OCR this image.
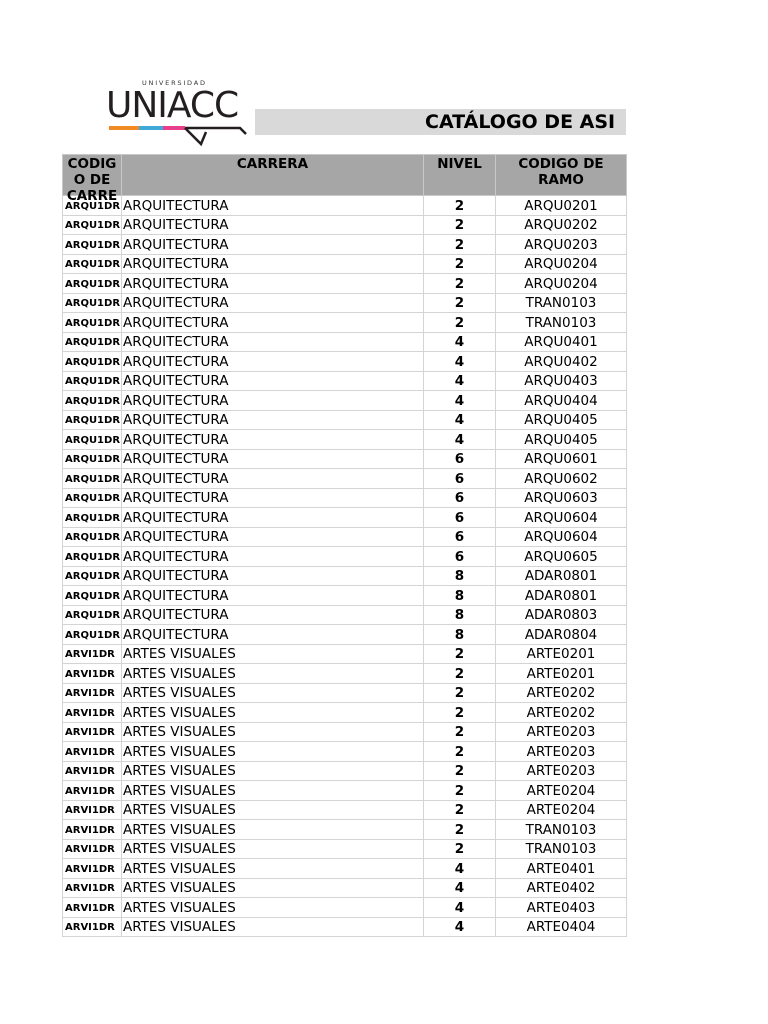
UNIVERSIDAD
UNIACC	CATÁLOGO DE ASI
CODIG O DE CARRE	CARRERA	NIVEL	CODIGO DE RAMO

ARQU1DR	ARQUITECTURA	2	ARQU0201
ARQU1DR	ARQUITECTURA	2	ARQU0202
ARQU1DR	ARQUITECTURA	2	ARQU0203
ARQU1DR	ARQUITECTURA	2	ARQU0204
ARQU1DR	ARQUITECTURA	2	ARQU0204
ARQU1DR	ARQUITECTURA	2	TRAN0103
ARQU1DR	ARQUITECTURA	2	TRAN0103
ARQU1DR	ARQUITECTURA	4	ARQU0401
ARQU1DR	ARQUITECTURA	4	ARQU0402
ARQU1DR	ARQUITECTURA	4	ARQU0403
ARQU1DR	ARQUITECTURA	4	ARQU0404
ARQU1DR	ARQUITECTURA	4	ARQU0405
ARQU1DR	ARQUITECTURA	4	ARQU0405
ARQU1DR	ARQUITECTURA	6	ARQU0601
ARQU1DR	ARQUITECTURA	6	ARQU0602
ARQU1DR	ARQUITECTURA	6	ARQU0603
ARQU1DR	ARQUITECTURA	6	ARQU0604
ARQU1DR	ARQUITECTURA	6	ARQU0604
ARQU1DR	ARQUITECTURA	6	ARQU0605
ARQU1DR	ARQUITECTURA	8	ADAR0801
ARQU1DR	ARQUITECTURA	8	ADAR0801
ARQU1DR	ARQUITECTURA	8	ADAR0803
ARQU1DR	ARQUITECTURA	8	ADAR0804
ARVI1DR	ARTES VISUALES	2	ARTE0201
ARVI1DR	ARTES VISUALES	2	ARTE0201
ARVI1DR	ARTES VISUALES	2	ARTE0202
ARVI1DR	ARTES VISUALES	2	ARTE0202
ARVI1DR	ARTES VISUALES	2	ARTE0203
ARVI1DR	ARTES VISUALES	2	ARTE0203
ARVI1DR	ARTES VISUALES	2	ARTE0203
ARVI1DR	ARTES VISUALES	2	ARTE0204
ARVI1DR	ARTES VISUALES	2	ARTE0204
ARVI1DR	ARTES VISUALES	2	TRAN0103
ARVI1DR	ARTES VISUALES	2	TRAN0103
ARVI1DR	ARTES VISUALES	4	ARTE0401
ARVI1DR	ARTES VISUALES	4	ARTE0402
ARVI1DR	ARTES VISUALES	4	ARTE0403
ARVI1DR	ARTES VISUALES	4	ARTE0404
